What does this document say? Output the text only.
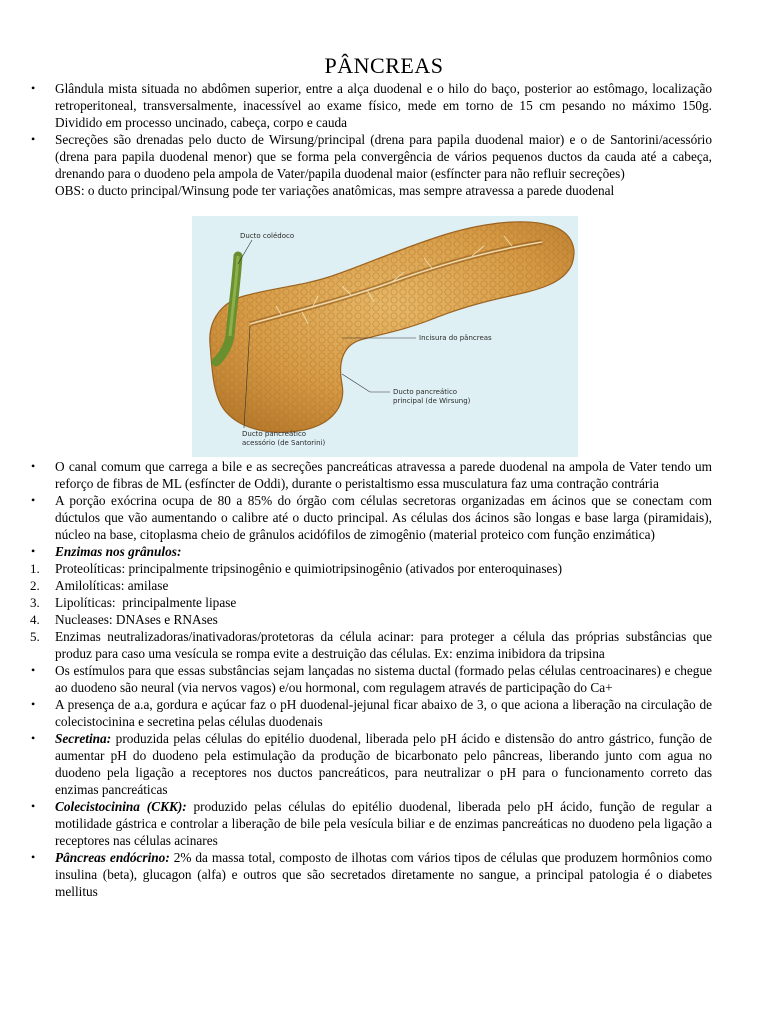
PÂNCREAS
• Glândula mista situada no abdômen superior, entre a alça duodenal e o hilo do baço, posterior ao estômago, localização retroperitoneal, transversalmente, inacessível ao exame físico, mede em torno de 15 cm pesando no máximo 150g. Dividido em processo uncinado, cabeça, corpo e cauda
• Secreções são drenadas pelo ducto de Wirsung/principal (drena para papila duodenal maior) e o de Santorini/acessório (drena para papila duodenal menor) que se forma pela convergência de vários pequenos ductos da cauda até a cabeça, drenando para o duodeno pela ampola de Vater/papila duodenal maior (esfíncter para não refluir secreções)
OBS: o ducto principal/Winsung pode ter variações anatômicas, mas sempre atravessa a parede duodenal
Ducto colédoco
Incisura do pâncreas
Ducto pancreático
principal (de Wirsung)
Ducto pancreático
acessório (de Santorini)
• O canal comum que carrega a bile e as secreções pancreáticas atravessa a parede duodenal na ampola de Vater tendo um reforço de fibras de ML (esfíncter de Oddi), durante o peristaltismo essa musculatura faz uma contração contrária
• A porção exócrina ocupa de 80 a 85% do órgão com células secretoras organizadas em ácinos que se conectam com dúctulos que vão aumentando o calibre até o ducto principal. As células dos ácinos são longas e base larga (piramidais), núcleo na base, citoplasma cheio de grânulos acidófilos de zimogênio (material proteico com função enzimática)
• Enzimas nos grânulos:
1. Proteolíticas: principalmente tripsinogênio e quimiotripsinogênio (ativados por enteroquinases)
2. Amilolíticas: amilase
3. Lipolíticas:  principalmente lipase
4. Nucleases: DNAses e RNAses
5. Enzimas neutralizadoras/inativadoras/protetoras da célula acinar: para proteger a célula das próprias substâncias que produz para caso uma vesícula se rompa evite a destruição das células. Ex: enzima inibidora da tripsina
• Os estímulos para que essas substâncias sejam lançadas no sistema ductal (formado pelas células centroacinares) e chegue ao duodeno são neural (via nervos vagos) e/ou hormonal, com regulagem através de participação do Ca+
• A presença de a.a, gordura e açúcar faz o pH duodenal-jejunal ficar abaixo de 3, o que aciona a liberação na circulação de colecistocinina e secretina pelas células duodenais
• Secretina: produzida pelas células do epitélio duodenal, liberada pelo pH ácido e distensão do antro gástrico, função de aumentar pH do duodeno pela estimulação da produção de bicarbonato pelo pâncreas, liberando junto com agua no duodeno pela ligação a receptores nos ductos pancreáticos, para neutralizar o pH para o funcionamento correto das enzimas pancreáticas
• Colecistocinina (CKK): produzido pelas células do epitélio duodenal, liberada pelo pH ácido, função de regular a motilidade gástrica e controlar a liberação de bile pela vesícula biliar e de enzimas pancreáticas no duodeno pela ligação a receptores nas células acinares
• Pâncreas endócrino: 2% da massa total, composto de ilhotas com vários tipos de células que produzem hormônios como insulina (beta), glucagon (alfa) e outros que são secretados diretamente no sangue, a principal patologia é o diabetes mellitus
